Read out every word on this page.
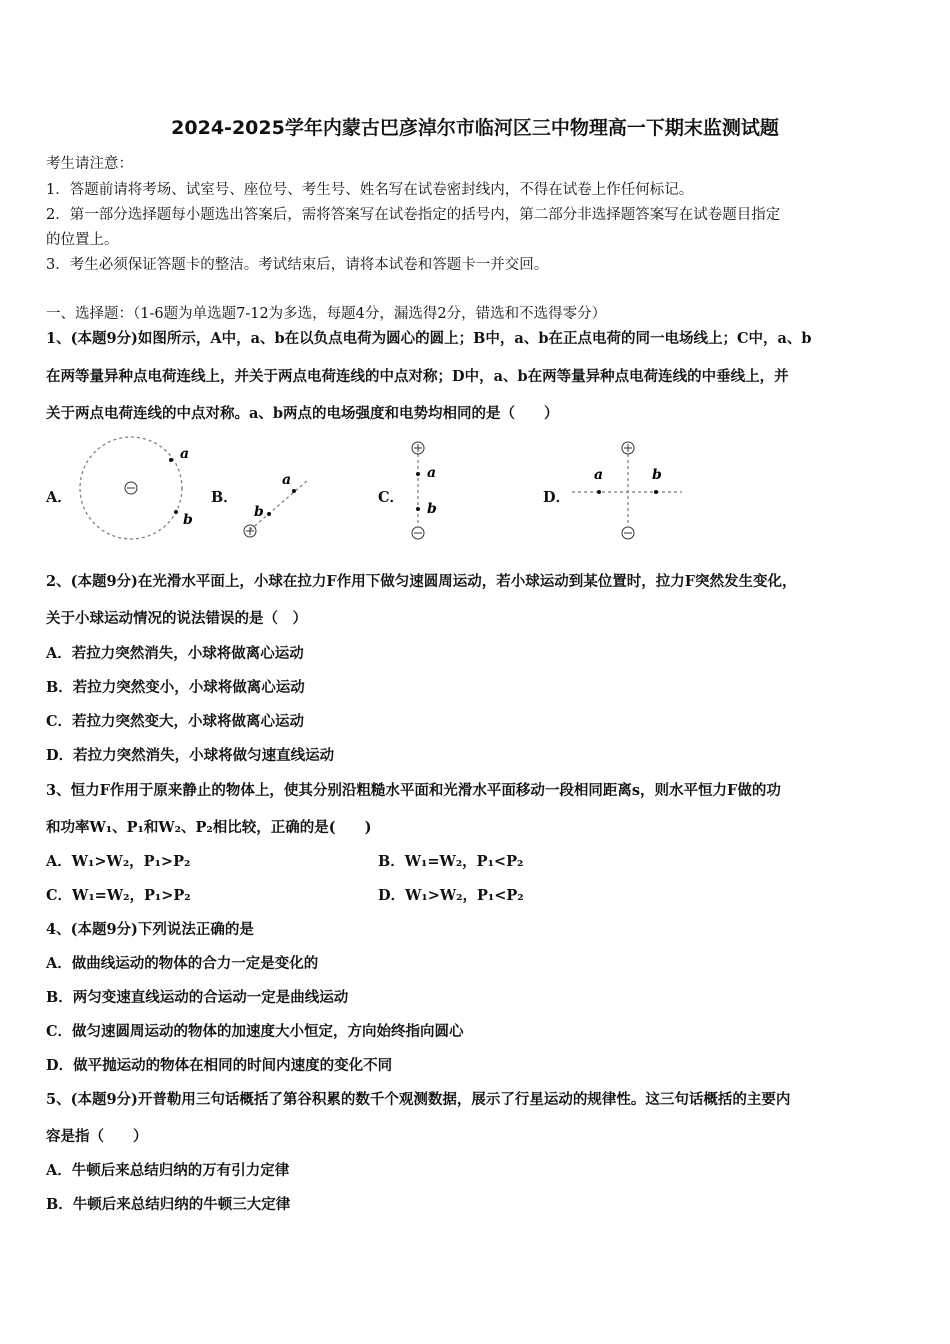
2024-2025学年内蒙古巴彦淖尔市临河区三中物理高一下期末监测试题
考生请注意：
1．答题前请将考场、试室号、座位号、考生号、姓名写在试卷密封线内，不得在试卷上作任何标记。
2．第一部分选择题每小题选出答案后，需将答案写在试卷指定的括号内，第二部分非选择题答案写在试卷题目指定
的位置上。
3．考生必须保证答题卡的整洁。考试结束后，请将本试卷和答题卡一并交回。
一、选择题：（1-6题为单选题7-12为多选，每题4分，漏选得2分，错选和不选得零分）
1、(本题9分)如图所示，A中，a、b在以负点电荷为圆心的圆上；B中，a、b在正点电荷的同一电场线上；C中，a、b
在两等量异种点电荷连线上，并关于两点电荷连线的中点对称；D中，a、b在两等量异种点电荷连线的中垂线上，并
关于两点电荷连线的中点对称。a、b两点的电场强度和电势均相同的是（　　）
A．
a
b
B．
a
b
C．
a
b
D．
a	b
2、(本题9分)在光滑水平面上，小球在拉力F作用下做匀速圆周运动，若小球运动到某位置时，拉力F突然发生变化，
关于小球运动情况的说法错误的是（　）
A．若拉力突然消失，小球将做离心运动
B．若拉力突然变小，小球将做离心运动
C．若拉力突然变大，小球将做离心运动
D．若拉力突然消失，小球将做匀速直线运动
3、恒力F作用于原来静止的物体上，使其分别沿粗糙水平面和光滑水平面移动一段相同距离s，则水平恒力F做的功
和功率W₁、P₁和W₂、P₂相比较，正确的是(　　)
A．W₁>W₂，P₁>P₂	B．W₁=W₂，P₁<P₂
C．W₁=W₂，P₁>P₂	D．W₁>W₂，P₁<P₂
4、(本题9分)下列说法正确的是
A．做曲线运动的物体的合力一定是变化的
B．两匀变速直线运动的合运动一定是曲线运动
C．做匀速圆周运动的物体的加速度大小恒定，方向始终指向圆心
D．做平抛运动的物体在相同的时间内速度的变化不同
5、(本题9分)开普勒用三句话概括了第谷积累的数千个观测数据，展示了行星运动的规律性。这三句话概括的主要内
容是指（　　）
A．牛顿后来总结归纳的万有引力定律
B．牛顿后来总结归纳的牛顿三大定律
